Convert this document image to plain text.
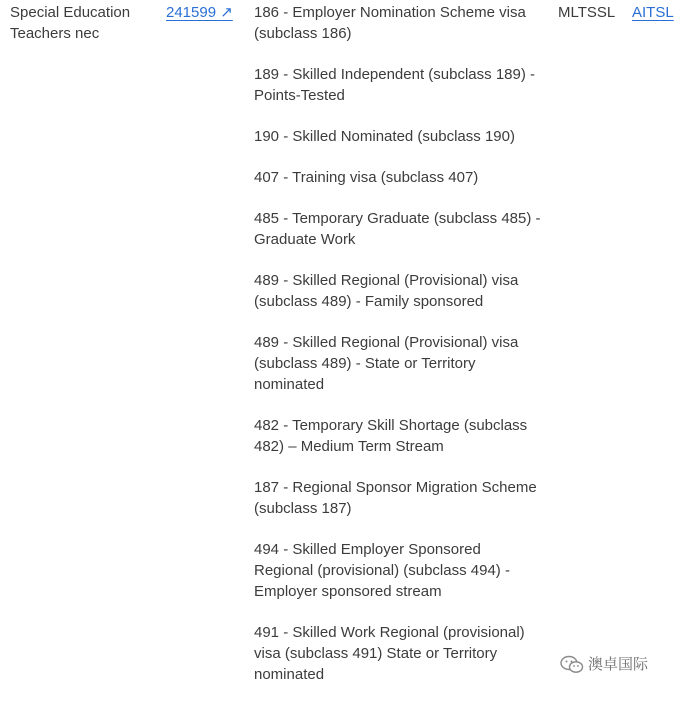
Special Education
Teachers nec
241599 ↗ 186 - Employer Nomination Scheme visa (subclass 186)
189 - Skilled Independent (subclass 189) - Points-Tested
190 - Skilled Nominated (subclass 190)
407 - Training visa (subclass 407)
485 - Temporary Graduate (subclass 485) - Graduate Work
489 - Skilled Regional (Provisional) visa (subclass 489) - Family sponsored
489 - Skilled Regional (Provisional) visa (subclass 489) - State or Territory nominated
482 - Temporary Skill Shortage (subclass 482) – Medium Term Stream
187 - Regional Sponsor Migration Scheme (subclass 187)
494 - Skilled Employer Sponsored Regional (provisional) (subclass 494) - Employer sponsored stream
491 - Skilled Work Regional (provisional) visa (subclass 491) State or Territory nominated
MLTSSL AITSL
澳卓国际
